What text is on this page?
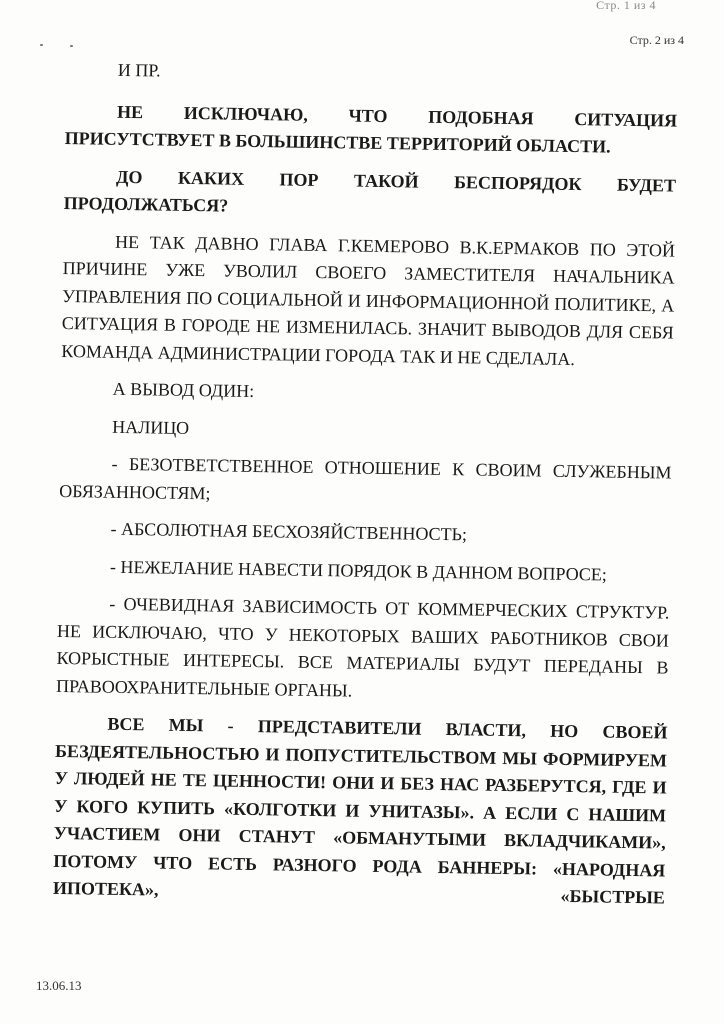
Стр. 1 из 4
Стр. 2 из 4

И ПР.

НЕ ИСКЛЮЧАЮ, ЧТО ПОДОБНАЯ СИТУАЦИЯ ПРИСУТСТВУЕТ В БОЛЬШИНСТВЕ ТЕРРИТОРИЙ ОБЛАСТИ.

ДО КАКИХ ПОР ТАКОЙ БЕСПОРЯДОК БУДЕТ ПРОДОЛЖАТЬСЯ?

НЕ ТАК ДАВНО ГЛАВА Г.КЕМЕРОВО В.К.ЕРМАКОВ ПО ЭТОЙ ПРИЧИНЕ УЖЕ УВОЛИЛ СВОЕГО ЗАМЕСТИТЕЛЯ НАЧАЛЬНИКА УПРАВЛЕНИЯ ПО СОЦИАЛЬНОЙ И ИНФОРМАЦИОННОЙ ПОЛИТИКЕ, А СИТУАЦИЯ В ГОРОДЕ НЕ ИЗМЕНИЛАСЬ. ЗНАЧИТ ВЫВОДОВ ДЛЯ СЕБЯ КОМАНДА АДМИНИСТРАЦИИ ГОРОДА ТАК И НЕ СДЕЛАЛА.

А ВЫВОД ОДИН:

НАЛИЦО

- БЕЗОТВЕТСТВЕННОЕ ОТНОШЕНИЕ К СВОИМ СЛУЖЕБНЫМ ОБЯЗАННОСТЯМ;

- АБСОЛЮТНАЯ БЕСХОЗЯЙСТВЕННОСТЬ;

- НЕЖЕЛАНИЕ НАВЕСТИ ПОРЯДОК В ДАННОМ ВОПРОСЕ;

- ОЧЕВИДНАЯ ЗАВИСИМОСТЬ ОТ КОММЕРЧЕСКИХ СТРУКТУР. НЕ ИСКЛЮЧАЮ, ЧТО У НЕКОТОРЫХ ВАШИХ РАБОТНИКОВ СВОИ КОРЫСТНЫЕ ИНТЕРЕСЫ. ВСЕ МАТЕРИАЛЫ БУДУТ ПЕРЕДАНЫ В ПРАВООХРАНИТЕЛЬНЫЕ ОРГАНЫ.

ВСЕ МЫ - ПРЕДСТАВИТЕЛИ ВЛАСТИ, НО СВОЕЙ БЕЗДЕЯТЕЛЬНОСТЬЮ И ПОПУСТИТЕЛЬСТВОМ МЫ ФОРМИРУЕМ У ЛЮДЕЙ НЕ ТЕ ЦЕННОСТИ! ОНИ И БЕЗ НАС РАЗБЕРУТСЯ, ГДЕ И У КОГО КУПИТЬ «КОЛГОТКИ И УНИТАЗЫ». А ЕСЛИ С НАШИМ УЧАСТИЕМ ОНИ СТАНУТ «ОБМАНУТЫМИ ВКЛАДЧИКАМИ», ПОТОМУ ЧТО ЕСТЬ РАЗНОГО РОДА БАННЕРЫ: «НАРОДНАЯ ИПОТЕКА», «БЫСТРЫЕ

13.06.13
